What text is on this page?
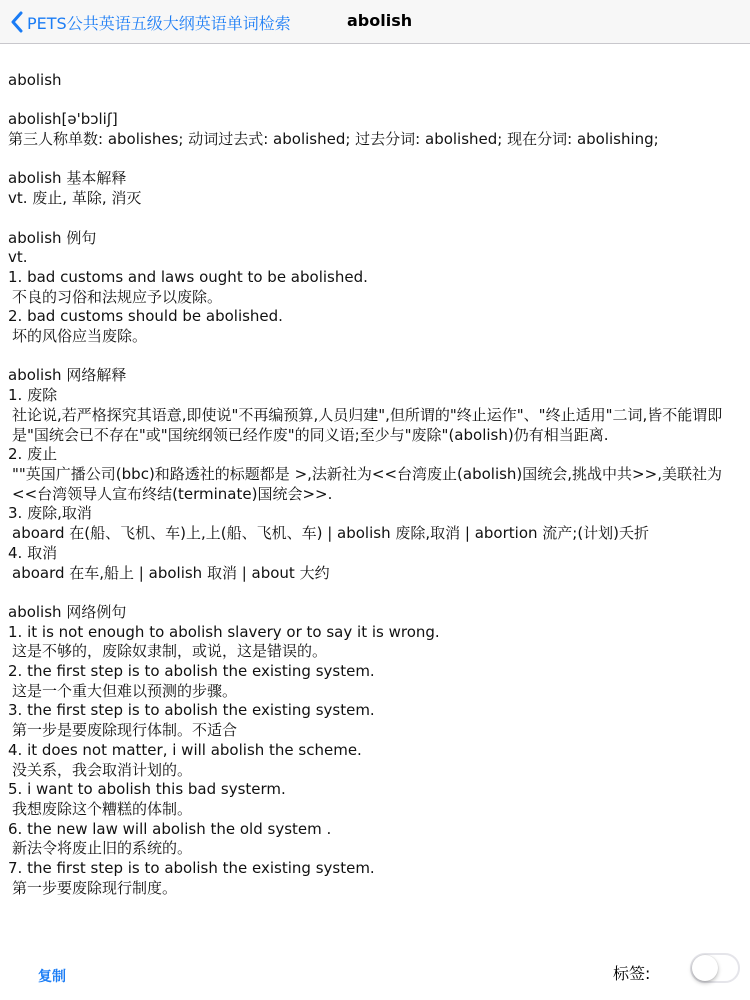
PETS公共英语五级大纲英语单词检索	abolish
abolish
abolish[ə'bɔliʃ]
第三人称单数: abolishes; 动词过去式: abolished; 过去分词: abolished; 现在分词: abolishing;
abolish 基本解释
vt. 废止, 革除, 消灭
abolish 例句
vt.
1. bad customs and laws ought to be abolished.
不良的习俗和法规应予以废除。
2. bad customs should be abolished.
坏的风俗应当废除。
abolish 网络解释
1. 废除
社论说,若严格探究其语意,即使说"不再编预算,人员归建",但所谓的"终止运作"、"终止适用"二词,皆不能谓即是"国统会已不存在"或"国统纲领已经作废"的同义语;至少与"废除"(abolish)仍有相当距离.
2. 废止
""英国广播公司(bbc)和路透社的标题都是 >,法新社为<<台湾废止(abolish)国统会,挑战中共>>,美联社为<<台湾领导人宣布终结(terminate)国统会>>.
3. 废除,取消
aboard 在(船、飞机、车)上,上(船、飞机、车) | abolish 废除,取消 | abortion 流产;(计划)夭折
4. 取消
aboard 在车,船上 | abolish 取消 | about 大约
abolish 网络例句
1. it is not enough to abolish slavery or to say it is wrong.
这是不够的，废除奴隶制，或说，这是错误的。
2. the first step is to abolish the existing system.
这是一个重大但难以预测的步骤。
3. the first step is to abolish the existing system.
第一步是要废除现行体制。不适合
4. it does not matter, i will abolish the scheme.
没关系，我会取消计划的。
5. i want to abolish this bad systerm.
我想废除这个糟糕的体制。
6. the new law will abolish the old system .
新法令将废止旧的系统的。
7. the first step is to abolish the existing system.
第一步要废除现行制度。
复制	标签:
